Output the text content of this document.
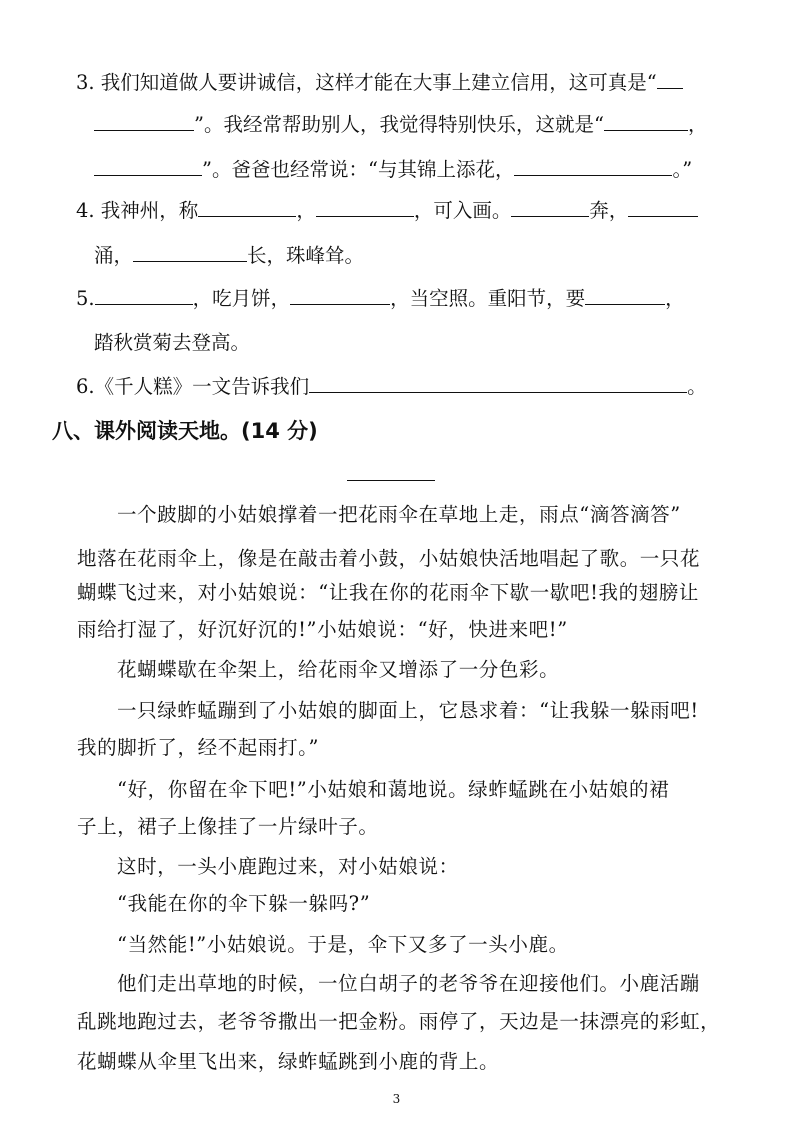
3. 我们知道做人要讲诚信，这样才能在大事上建立信用，这可真是“
”。我经常帮助别人，我觉得特别快乐，这就是“	，
”。爸爸也经常说：“与其锦上添花，	。”
4. 我神州，称	，	，可入画。	奔，
涌，	长，珠峰耸。
5.	，吃月饼，	，当空照。重阳节，要	，
踏秋赏菊去登高。
6.《千人糕》一文告诉我们	。
八、课外阅读天地。(14 分)
一个跛脚的小姑娘撑着一把花雨伞在草地上走，雨点“滴答滴答”
地落在花雨伞上，像是在敲击着小鼓，小姑娘快活地唱起了歌。一只花
蝴蝶飞过来，对小姑娘说：“让我在你的花雨伞下歇一歇吧!我的翅膀让
雨给打湿了，好沉好沉的!”小姑娘说：“好，快进来吧!”
花蝴蝶歇在伞架上，给花雨伞又增添了一分色彩。
一只绿蚱蜢蹦到了小姑娘的脚面上，它恳求着：“让我躲一躲雨吧!
我的脚折了，经不起雨打。”
“好，你留在伞下吧!”小姑娘和蔼地说。绿蚱蜢跳在小姑娘的裙
子上，裙子上像挂了一片绿叶子。
这时，一头小鹿跑过来，对小姑娘说：
“我能在你的伞下躲一躲吗?”
“当然能!”小姑娘说。于是，伞下又多了一头小鹿。
他们走出草地的时候，一位白胡子的老爷爷在迎接他们。小鹿活蹦
乱跳地跑过去，老爷爷撒出一把金粉。雨停了，天边是一抹漂亮的彩虹，
花蝴蝶从伞里飞出来，绿蚱蜢跳到小鹿的背上。
3
